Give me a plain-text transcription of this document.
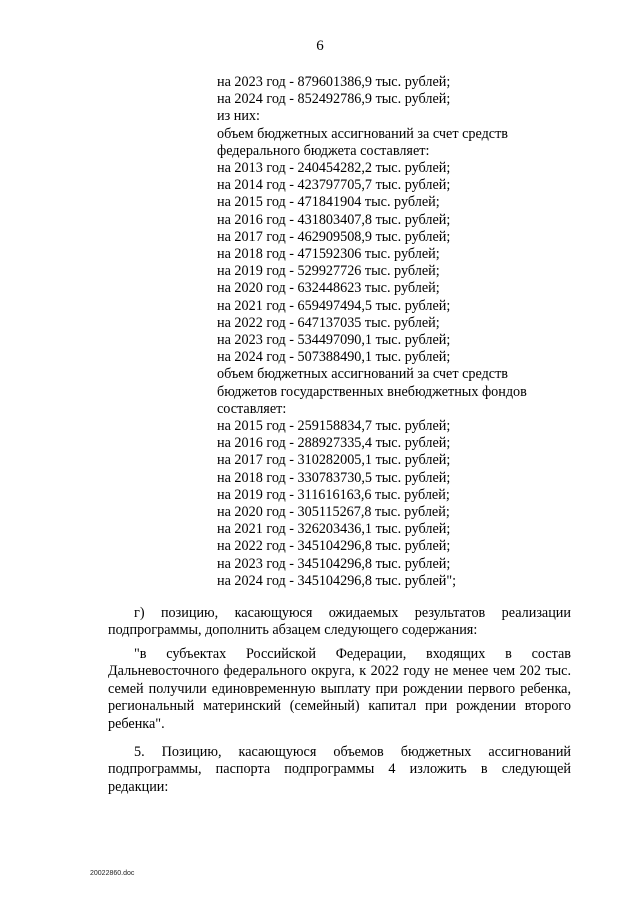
6
на 2023 год - 879601386,9 тыс. рублей;
на 2024 год - 852492786,9 тыс. рублей;
из них:
объем бюджетных ассигнований за счет средств
федерального бюджета составляет:
на 2013 год - 240454282,2 тыс. рублей;
на 2014 год - 423797705,7 тыс. рублей;
на 2015 год - 471841904 тыс. рублей;
на 2016 год - 431803407,8 тыс. рублей;
на 2017 год - 462909508,9 тыс. рублей;
на 2018 год - 471592306 тыс. рублей;
на 2019 год - 529927726 тыс. рублей;
на 2020 год - 632448623 тыс. рублей;
на 2021 год - 659497494,5 тыс. рублей;
на 2022 год - 647137035 тыс. рублей;
на 2023 год - 534497090,1 тыс. рублей;
на 2024 год - 507388490,1 тыс. рублей;
объем бюджетных ассигнований за счет средств
бюджетов государственных внебюджетных фондов
составляет:
на 2015 год - 259158834,7 тыс. рублей;
на 2016 год - 288927335,4 тыс. рублей;
на 2017 год - 310282005,1 тыс. рублей;
на 2018 год - 330783730,5 тыс. рублей;
на 2019 год - 311616163,6 тыс. рублей;
на 2020 год - 305115267,8 тыс. рублей;
на 2021 год - 326203436,1 тыс. рублей;
на 2022 год - 345104296,8 тыс. рублей;
на 2023 год - 345104296,8 тыс. рублей;
на 2024 год - 345104296,8 тыс. рублей";
г) позицию, касающуюся ожидаемых результатов реализации
подпрограммы, дополнить абзацем следующего содержания:
"в субъектах Российской Федерации, входящих в состав
Дальневосточного федерального округа, к 2022 году не менее чем 202 тыс.
семей получили единовременную выплату при рождении первого ребенка,
региональный материнский (семейный) капитал при рождении второго
ребенка".
5. Позицию, касающуюся объемов бюджетных ассигнований
подпрограммы, паспорта подпрограммы 4 изложить в следующей
редакции:
20022860.doc
